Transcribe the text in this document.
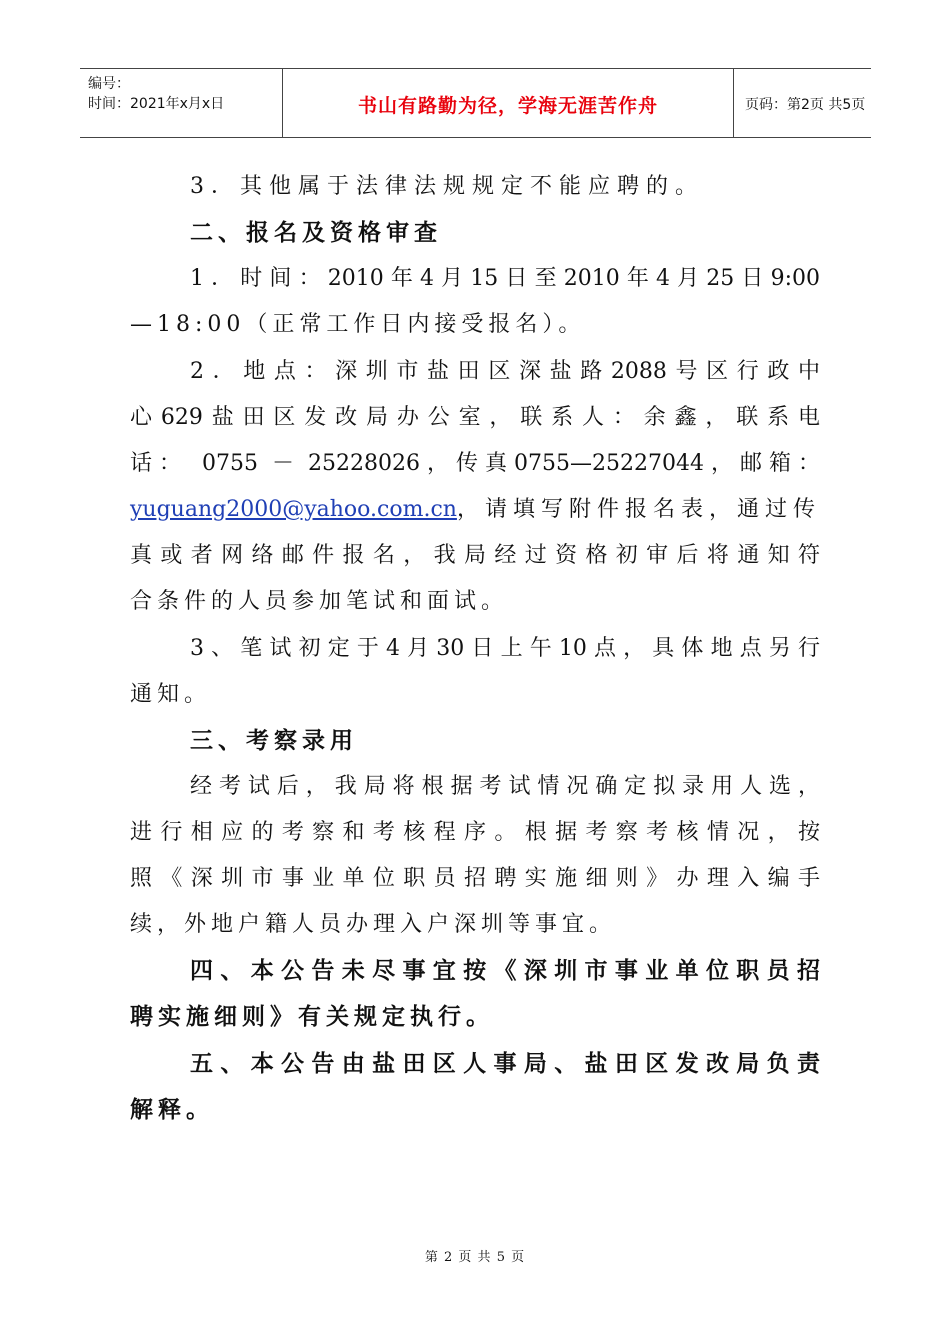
编号：
时间：2021年x月x日	书山有路勤为径，学海无涯苦作舟	页码：第2页 共5页
3．其他属于法律法规规定不能应聘的。
二、报名及资格审查
1．时间：2010年4月15日至2010年4月25日9:00
—18:00（正常工作日内接受报名）。
2．地点：深圳市盐田区深盐路2088号区行政中
心629盐田区发改局办公室，联系人：余鑫，联系电
话： 0755 － 25228026，传真0755—25227044，邮箱：
yuguang2000@yahoo.com.cn，请填写附件报名表，通过传
真或者网络邮件报名，我局经过资格初审后将通知符
合条件的人员参加笔试和面试。
3、笔试初定于4月30日上午10点，具体地点另行
通知。
三、考察录用
经考试后，我局将根据考试情况确定拟录用人选，
进行相应的考察和考核程序。根据考察考核情况，按
照《深圳市事业单位职员招聘实施细则》办理入编手
续，外地户籍人员办理入户深圳等事宜。
四、本公告未尽事宜按《深圳市事业单位职员招
聘实施细则》有关规定执行。
五、本公告由盐田区人事局、盐田区发改局负责
解释。
第 2 页 共 5 页
